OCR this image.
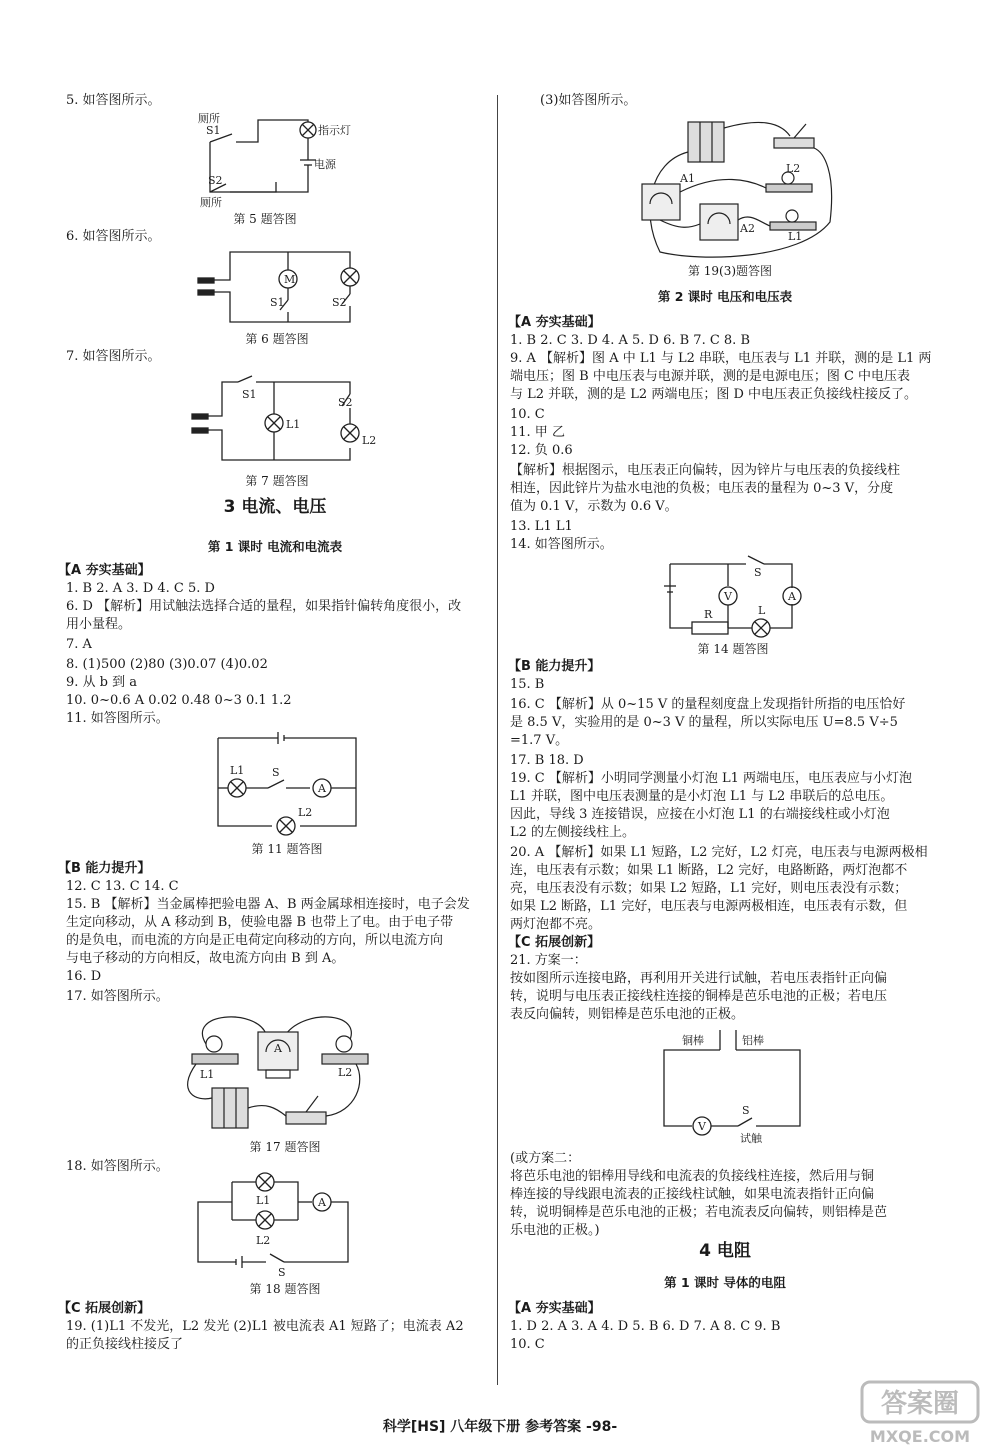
5. 如答图所示。
厕所
S1	指示灯
电源
S2
厕所
第 5 题答图
6. 如答图所示。
M
S1	S2
第 6 题答图
7. 如答图所示。
S1
L1
S2
L2
第 7 题答图
3 电流、电压
第 1 课时 电流和电流表
【A 夯实基础】
1. B 2. A 3. D 4. C 5. D
6. D 【解析】用试触法选择合适的量程，如果指针偏转角度很小，改
用小量程。
7. A
8. (1)500 (2)80 (3)0.07 (4)0.02
9. 从 b 到 a
10. 0~0.6 A 0.02 0.48 0~3 0.1 1.2
11. 如答图所示。
L1	S
A
L2
第 11 题答图
【B 能力提升】
12. C 13. C 14. C
15. B 【解析】当金属棒把验电器 A、B 两金属球相连接时，电子会发
生定向移动，从 A 移动到 B，使验电器 B 也带上了电。由于电子带
的是负电，而电流的方向是正电荷定向移动的方向，所以电流方向
与电子移动的方向相反，故电流方向由 B 到 A。
16. D
17. 如答图所示。
L1	L2
A
第 17 题答图
18. 如答图所示。
L1	A
L2
S
第 18 题答图
【C 拓展创新】
19. (1)L1 不发光，L2 发光 (2)L1 被电流表 A1 短路了；电流表 A2
的正负接线柱接反了
(3)如答图所示。
A1
A2
L1
L2
第 19(3)题答图
第 2 课时 电压和电压表
【A 夯实基础】
1. B 2. C 3. D 4. A 5. D 6. B 7. C 8. B
9. A 【解析】图 A 中 L1 与 L2 串联，电压表与 L1 并联，测的是 L1 两
端电压；图 B 中电压表与电源并联，测的是电源电压；图 C 中电压表
与 L2 并联，测的是 L2 两端电压；图 D 中电压表正负接线柱接反了。
10. C
11. 甲 乙
12. 负 0.6
【解析】根据图示，电压表正向偏转，因为锌片与电压表的负接线柱
相连，因此锌片为盐水电池的负极；电压表的量程为 0~3 V，分度
值为 0.1 V，示数为 0.6 V。
13. L1 L1
14. 如答图所示。
S
V	A
R	L
第 14 题答图
【B 能力提升】
15. B
16. C 【解析】从 0~15 V 的量程刻度盘上发现指针所指的电压恰好
是 8.5 V，实验用的是 0~3 V 的量程，所以实际电压 U=8.5 V÷5
=1.7 V。
17. B 18. D
19. C 【解析】小明同学测量小灯泡 L1 两端电压，电压表应与小灯泡
L1 并联，图中电压表测量的是小灯泡 L1 与 L2 串联后的总电压。
因此，导线 3 连接错误，应接在小灯泡 L1 的右端接线柱或小灯泡
L2 的左侧接线柱上。
20. A 【解析】如果 L1 短路，L2 完好，L2 灯亮，电压表与电源两极相
连，电压表有示数；如果 L1 断路，L2 完好，电路断路，两灯泡都不
亮，电压表没有示数；如果 L2 短路，L1 完好，则电压表没有示数；
如果 L2 断路，L1 完好，电压表与电源两极相连，电压表有示数，但
两灯泡都不亮。
【C 拓展创新】
21. 方案一：
按如图所示连接电路，再利用开关进行试触，若电压表指针正向偏
转，说明与电压表正接线柱连接的铜棒是芭乐电池的正极；若电压
表反向偏转，则铝棒是芭乐电池的正极。
铜棒	铝棒
V
S
试触
(或方案二：
将芭乐电池的铝棒用导线和电流表的负接线柱连接，然后用与铜
棒连接的导线跟电流表的正接线柱试触，如果电流表指针正向偏
转，说明铜棒是芭乐电池的正极；若电流表反向偏转，则铝棒是芭
乐电池的正极。)
4 电阻
第 1 课时 导体的电阻
【A 夯实基础】
1. D 2. A 3. A 4. D 5. B 6. D 7. A 8. C 9. B
10. C
科学[HS] 八年级下册 参考答案 -98-
答案圈
MXQE.COM
